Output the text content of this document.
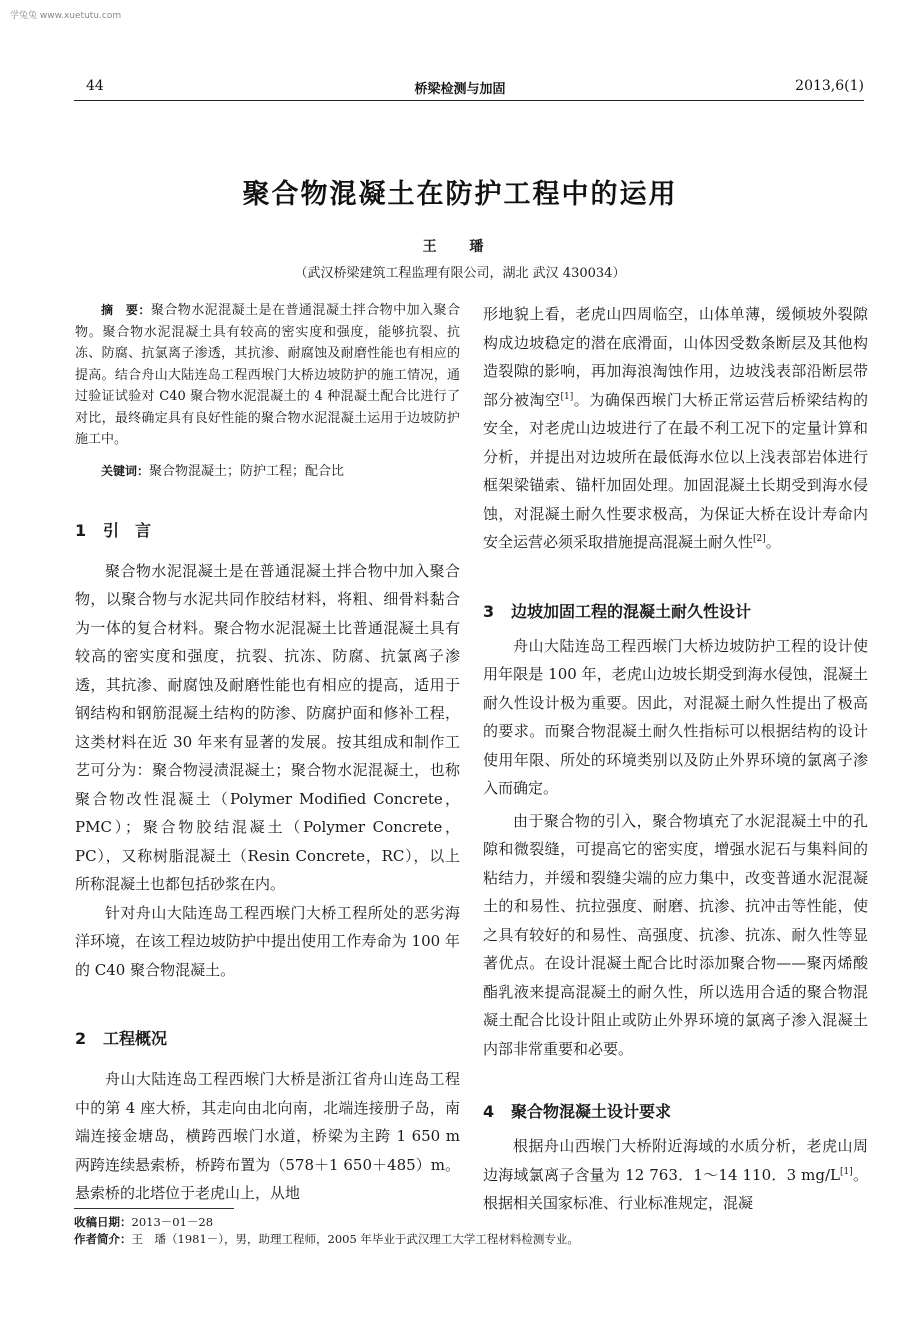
学兔兔 www.xuetutu.com
44	桥梁检测与加固	2013,6(1)
聚合物混凝土在防护工程中的运用
王 璠
（武汉桥梁建筑工程监理有限公司，湖北 武汉 430034）

摘　要：聚合物水泥混凝土是在普通混凝土拌合物中加入聚合物。聚合物水泥混凝土具有较高的密实度和强度，能够抗裂、抗冻、防腐、抗氯离子渗透，其抗渗、耐腐蚀及耐磨性能也有相应的提高。结合舟山大陆连岛工程西堠门大桥边坡防护的施工情况，通过验证试验对 C40 聚合物水泥混凝土的 4 种混凝土配合比进行了对比，最终确定具有良好性能的聚合物水泥混凝土运用于边坡防护施工中。

关键词：聚合物混凝土；防护工程；配合比

1 引　言

聚合物水泥混凝土是在普通混凝土拌合物中加入聚合物，以聚合物与水泥共同作胶结材料，将粗、细骨料黏合为一体的复合材料。聚合物水泥混凝土比普通混凝土具有较高的密实度和强度，抗裂、抗冻、防腐、抗氯离子渗透，其抗渗、耐腐蚀及耐磨性能也有相应的提高，适用于钢结构和钢筋混凝土结构的防渗、防腐护面和修补工程，这类材料在近 30 年来有显著的发展。按其组成和制作工艺可分为：聚合物浸渍混凝土；聚合物水泥混凝土，也称聚合物改性混凝土（Polymer Modified Concrete，PMC）；聚合物胶结混凝土（Polymer Concrete，PC），又称树脂混凝土（Resin Concrete，RC），以上所称混凝土也都包括砂浆在内。

针对舟山大陆连岛工程西堠门大桥工程所处的恶劣海洋环境，在该工程边坡防护中提出使用工作寿命为 100 年的 C40 聚合物混凝土。

2 工程概况

舟山大陆连岛工程西堠门大桥是浙江省舟山连岛工程中的第 4 座大桥，其走向由北向南，北端连接册子岛，南端连接金塘岛，横跨西堠门水道，桥梁为主跨 1 650 m 两跨连续悬索桥，桥跨布置为（578＋1 650＋485）m。悬索桥的北塔位于老虎山上，从地

形地貌上看，老虎山四周临空，山体单薄，缓倾坡外裂隙构成边坡稳定的潜在底滑面，山体因受数条断层及其他构造裂隙的影响，再加海浪淘蚀作用，边坡浅表部沿断层带部分被淘空[1]。为确保西堠门大桥正常运营后桥梁结构的安全，对老虎山边坡进行了在最不利工况下的定量计算和分析，并提出对边坡所在最低海水位以上浅表部岩体进行框架梁锚索、锚杆加固处理。加固混凝土长期受到海水侵蚀，对混凝土耐久性要求极高，为保证大桥在设计寿命内安全运营必须采取措施提高混凝土耐久性[2]。

3 边坡加固工程的混凝土耐久性设计

舟山大陆连岛工程西堠门大桥边坡防护工程的设计使用年限是 100 年，老虎山边坡长期受到海水侵蚀，混凝土耐久性设计极为重要。因此，对混凝土耐久性提出了极高的要求。而聚合物混凝土耐久性指标可以根据结构的设计使用年限、所处的环境类别以及防止外界环境的氯离子渗入而确定。

由于聚合物的引入，聚合物填充了水泥混凝土中的孔隙和微裂缝，可提高它的密实度，增强水泥石与集料间的粘结力，并缓和裂缝尖端的应力集中，改变普通水泥混凝土的和易性、抗拉强度、耐磨、抗渗、抗冲击等性能，使之具有较好的和易性、高强度、抗渗、抗冻、耐久性等显著优点。在设计混凝土配合比时添加聚合物——聚丙烯酸酯乳液来提高混凝土的耐久性，所以选用合适的聚合物混凝土配合比设计阻止或防止外界环境的氯离子渗入混凝土内部非常重要和必要。

4 聚合物混凝土设计要求

根据舟山西堠门大桥附近海域的水质分析，老虎山周边海域氯离子含量为 12 763．1～14 110．3 mg/L[1]。根据相关国家标准、行业标准规定，混凝

收稿日期：2013－01－28
作者简介：王　璠（1981－），男，助理工程师，2005 年毕业于武汉理工大学工程材料检测专业。
